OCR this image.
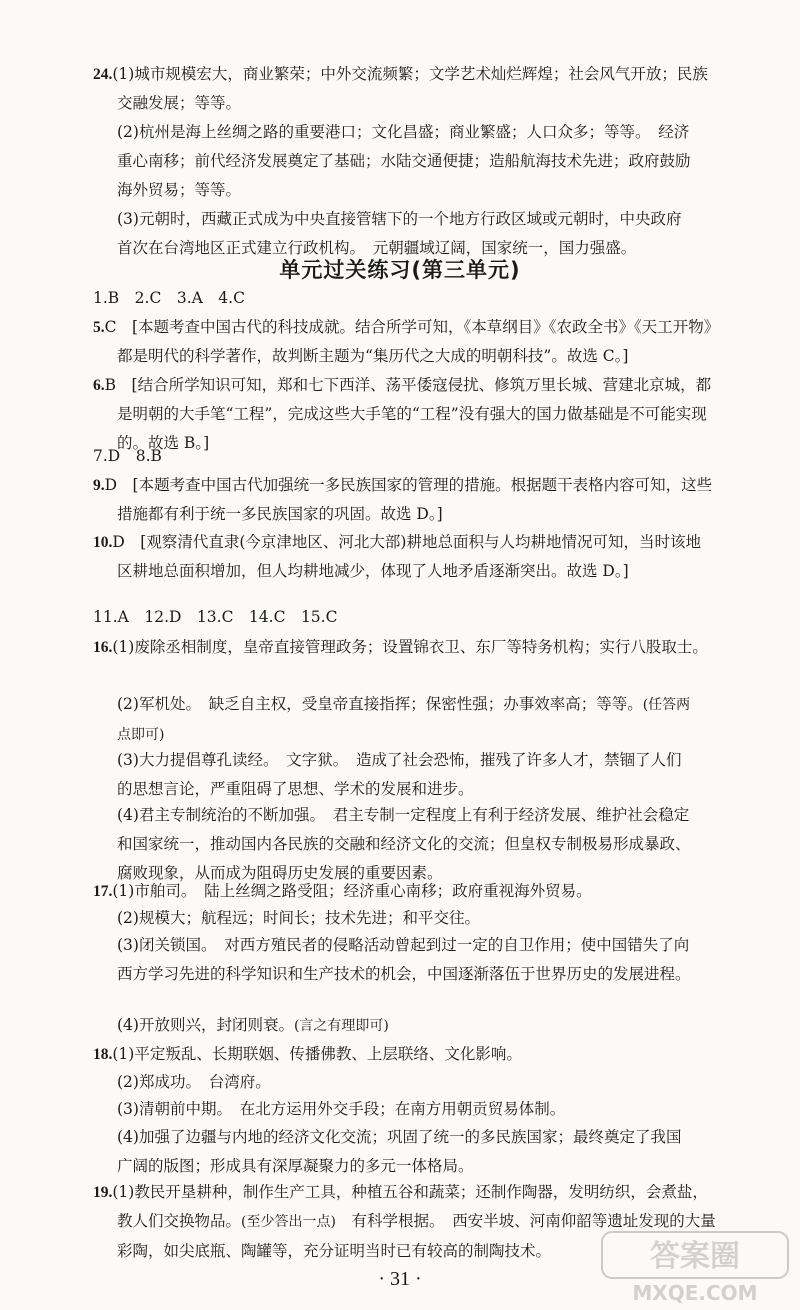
24.(1)城市规模宏大，商业繁荣；中外交流频繁；文学艺术灿烂辉煌；社会风气开放；民族交融发展；等等。

(2)杭州是海上丝绸之路的重要港口；文化昌盛；商业繁盛；人口众多；等等。　经济重心南移；前代经济发展奠定了基础；水陆交通便捷；造船航海技术先进；政府鼓励海外贸易；等等。

(3)元朝时，西藏正式成为中央直接管辖下的一个地方行政区域或元朝时，中央政府首次在台湾地区正式建立行政机构。　元朝疆域辽阔，国家统一，国力强盛。

单元过关练习(第三单元)

1.B　2.C　3.A　4.C

5.C　[本题考查中国古代的科技成就。结合所学可知，《本草纲目》《农政全书》《天工开物》都是明代的科学著作，故判断主题为“集历代之大成的明朝科技”。故选 C。]

6.B　[结合所学知识可知，郑和七下西洋、荡平倭寇侵扰、修筑万里长城、营建北京城，都是明朝的大手笔“工程”，完成这些大手笔的“工程”没有强大的国力做基础是不可能实现的。故选 B。]

7.D　8.B

9.D　[本题考查中国古代加强统一多民族国家的管理的措施。根据题干表格内容可知，这些措施都有利于统一多民族国家的巩固。故选 D。]

10.D　[观察清代直隶(今京津地区、河北大部)耕地总面积与人均耕地情况可知，当时该地区耕地总面积增加，但人均耕地减少，体现了人地矛盾逐渐突出。故选 D。]

11.A　12.D　13.C　14.C　15.C

16.(1)废除丞相制度，皇帝直接管理政务；设置锦衣卫、东厂等特务机构；实行八股取士。

(2)军机处。　缺乏自主权，受皇帝直接指挥；保密性强；办事效率高；等等。(任答两点即可)

(3)大力提倡尊孔读经。　文字狱。　造成了社会恐怖，摧残了许多人才，禁锢了人们的思想言论，严重阻碍了思想、学术的发展和进步。

(4)君主专制统治的不断加强。　君主专制一定程度上有利于经济发展、维护社会稳定和国家统一，推动国内各民族的交融和经济文化的交流；但皇权专制极易形成暴政、腐败现象，从而成为阻碍历史发展的重要因素。

17.(1)市舶司。　陆上丝绸之路受阻；经济重心南移；政府重视海外贸易。

(2)规模大；航程远；时间长；技术先进；和平交往。

(3)闭关锁国。　对西方殖民者的侵略活动曾起到过一定的自卫作用；使中国错失了向西方学习先进的科学知识和生产技术的机会，中国逐渐落伍于世界历史的发展进程。

(4)开放则兴，封闭则衰。(言之有理即可)

18.(1)平定叛乱、长期联姻、传播佛教、上层联络、文化影响。

(2)郑成功。　台湾府。

(3)清朝前中期。　在北方运用外交手段；在南方用朝贡贸易体制。

(4)加强了边疆与内地的经济文化交流；巩固了统一的多民族国家；最终奠定了我国广阔的版图；形成具有深厚凝聚力的多元一体格局。

19.(1)教民开垦耕种，制作生产工具，种植五谷和蔬菜；还制作陶器，发明纺织，会煮盐，教人们交换物品。(至少答出一点)　有科学根据。　西安半坡、河南仰韶等遗址发现的大量彩陶，如尖底瓶、陶罐等，充分证明当时已有较高的制陶技术。

· 31 ·
答案圈
MXQE.COM
